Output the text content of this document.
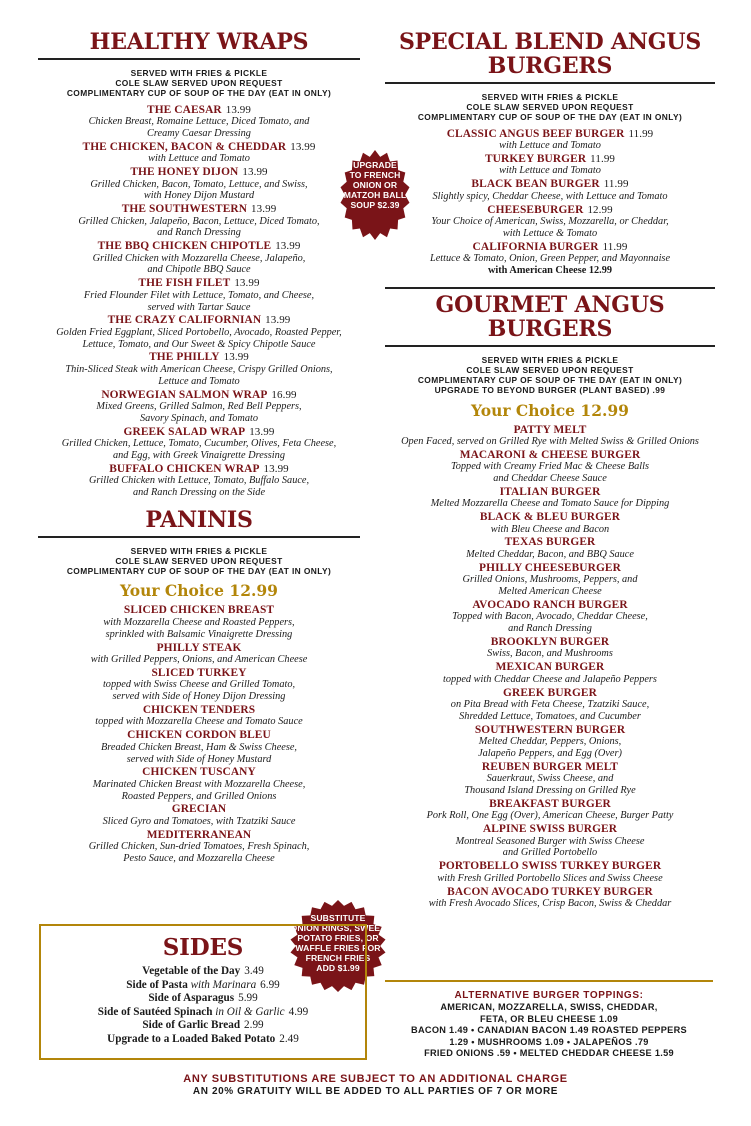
HEALTHY WRAPS
SERVED WITH FRIES & PICKLE
COLE SLAW SERVED UPON REQUEST
COMPLIMENTARY CUP OF SOUP OF THE DAY (EAT IN ONLY)
THE CAESAR 13.99
Chicken Breast, Romaine Lettuce, Diced Tomato, and
Creamy Caesar Dressing
THE CHICKEN, BACON & CHEDDAR 13.99
with Lettuce and Tomato
THE HONEY DIJON 13.99
Grilled Chicken, Bacon, Tomato, Lettuce, and Swiss,
with Honey Dijon Mustard
THE SOUTHWESTERN 13.99
Grilled Chicken, Jalapeño, Bacon, Lettuce, Diced Tomato,
and Ranch Dressing
THE BBQ CHICKEN CHIPOTLE 13.99
Grilled Chicken with Mozzarella Cheese, Jalapeño,
and Chipotle BBQ Sauce
THE FISH FILET 13.99
Fried Flounder Filet with Lettuce, Tomato, and Cheese,
served with Tartar Sauce
THE CRAZY CALIFORNIAN 13.99
Golden Fried Eggplant, Sliced Portobello, Avocado, Roasted Pepper,
Lettuce, Tomato, and Our Sweet & Spicy Chipotle Sauce
THE PHILLY 13.99
Thin-Sliced Steak with American Cheese, Crispy Grilled Onions,
Lettuce and Tomato
NORWEGIAN SALMON WRAP 16.99
Mixed Greens, Grilled Salmon, Red Bell Peppers,
Savory Spinach, and Tomato
GREEK SALAD WRAP 13.99
Grilled Chicken, Lettuce, Tomato, Cucumber, Olives, Feta Cheese,
and Egg, with Greek Vinaigrette Dressing
BUFFALO CHICKEN WRAP 13.99
Grilled Chicken with Lettuce, Tomato, Buffalo Sauce,
and Ranch Dressing on the Side
PANINIS
SERVED WITH FRIES & PICKLE
COLE SLAW SERVED UPON REQUEST
COMPLIMENTARY CUP OF SOUP OF THE DAY (EAT IN ONLY)
Your Choice 12.99
SLICED CHICKEN BREAST
with Mozzarella Cheese and Roasted Peppers,
sprinkled with Balsamic Vinaigrette Dressing
PHILLY STEAK
with Grilled Peppers, Onions, and American Cheese
SLICED TURKEY
topped with Swiss Cheese and Grilled Tomato,
served with Side of Honey Dijon Dressing
CHICKEN TENDERS
topped with Mozzarella Cheese and Tomato Sauce
CHICKEN CORDON BLEU
Breaded Chicken Breast, Ham & Swiss Cheese,
served with Side of Honey Mustard
CHICKEN TUSCANY
Marinated Chicken Breast with Mozzarella Cheese,
Roasted Peppers, and Grilled Onions
GRECIAN
Sliced Gyro and Tomatoes, with Tzatziki Sauce
MEDITERRANEAN
Grilled Chicken, Sun-dried Tomatoes, Fresh Spinach,
Pesto Sauce, and Mozzarella Cheese
SPECIAL BLEND ANGUS
BURGERS
SERVED WITH FRIES & PICKLE
COLE SLAW SERVED UPON REQUEST
COMPLIMENTARY CUP OF SOUP OF THE DAY (EAT IN ONLY)
CLASSIC ANGUS BEEF BURGER 11.99
with Lettuce and Tomato
TURKEY BURGER 11.99
with Lettuce and Tomato
BLACK BEAN BURGER 11.99
Slightly spicy, Cheddar Cheese, with Lettuce and Tomato
CHEESEBURGER 12.99
Your Choice of American, Swiss, Mozzarella, or Cheddar,
with Lettuce & Tomato
CALIFORNIA BURGER 11.99
Lettuce & Tomato, Onion, Green Pepper, and Mayonnaise
with American Cheese 12.99
GOURMET ANGUS BURGERS
SERVED WITH FRIES & PICKLE
COLE SLAW SERVED UPON REQUEST
COMPLIMENTARY CUP OF SOUP OF THE DAY (EAT IN ONLY)
UPGRADE TO BEYOND BURGER (PLANT BASED) .99
Your Choice 12.99
PATTY MELT
Open Faced, served on Grilled Rye with Melted Swiss & Grilled Onions
MACARONI & CHEESE BURGER
Topped with Creamy Fried Mac & Cheese Balls
and Cheddar Cheese Sauce
ITALIAN BURGER
Melted Mozzarella Cheese and Tomato Sauce for Dipping
BLACK & BLEU BURGER
with Bleu Cheese and Bacon
TEXAS BURGER
Melted Cheddar, Bacon, and BBQ Sauce
PHILLY CHEESEBURGER
Grilled Onions, Mushrooms, Peppers, and
Melted American Cheese
AVOCADO RANCH BURGER
Topped with Bacon, Avocado, Cheddar Cheese,
and Ranch Dressing
BROOKLYN BURGER
Swiss, Bacon, and Mushrooms
MEXICAN BURGER
topped with Cheddar Cheese and Jalapeño Peppers
GREEK BURGER
on Pita Bread with Feta Cheese, Tzatziki Sauce,
Shredded Lettuce, Tomatoes, and Cucumber
SOUTHWESTERN BURGER
Melted Cheddar, Peppers, Onions,
Jalapeño Peppers, and Egg (Over)
REUBEN BURGER MELT
Sauerkraut, Swiss Cheese, and
Thousand Island Dressing on Grilled Rye
BREAKFAST BURGER
Pork Roll, One Egg (Over), American Cheese, Burger Patty
ALPINE SWISS BURGER
Montreal Seasoned Burger with Swiss Cheese
and Grilled Portobello
PORTOBELLO SWISS TURKEY BURGER
with Fresh Grilled Portobello Slices and Swiss Cheese
BACON AVOCADO TURKEY BURGER
with Fresh Avocado Slices, Crisp Bacon, Swiss & Cheddar
UPGRADE
TO FRENCH
ONION OR
MATZOH BALL
SOUP $2.39
SUBSTITUTE
ONION RINGS, SWEET
POTATO FRIES, OR
WAFFLE FRIES FOR
FRENCH FRIES
ADD $1.99
SIDES
Vegetable of the Day 3.49
Side of Pasta with Marinara 6.99
Side of Asparagus 5.99
Side of Sautéed Spinach in Oil & Garlic 4.99
Side of Garlic Bread 2.99
Upgrade to a Loaded Baked Potato 2.49
ALTERNATIVE BURGER TOPPINGS:
AMERICAN, MOZZARELLA, SWISS, CHEDDAR,
FETA, OR BLEU CHEESE 1.09
BACON 1.49 • CANADIAN BACON 1.49 ROASTED PEPPERS
1.29 • MUSHROOMS 1.09 • JALAPEÑOS .79
FRIED ONIONS .59 • MELTED CHEDDAR CHEESE 1.59
ANY SUBSTITUTIONS ARE SUBJECT TO AN ADDITIONAL CHARGE
AN 20% GRATUITY WILL BE ADDED TO ALL PARTIES OF 7 OR MORE
